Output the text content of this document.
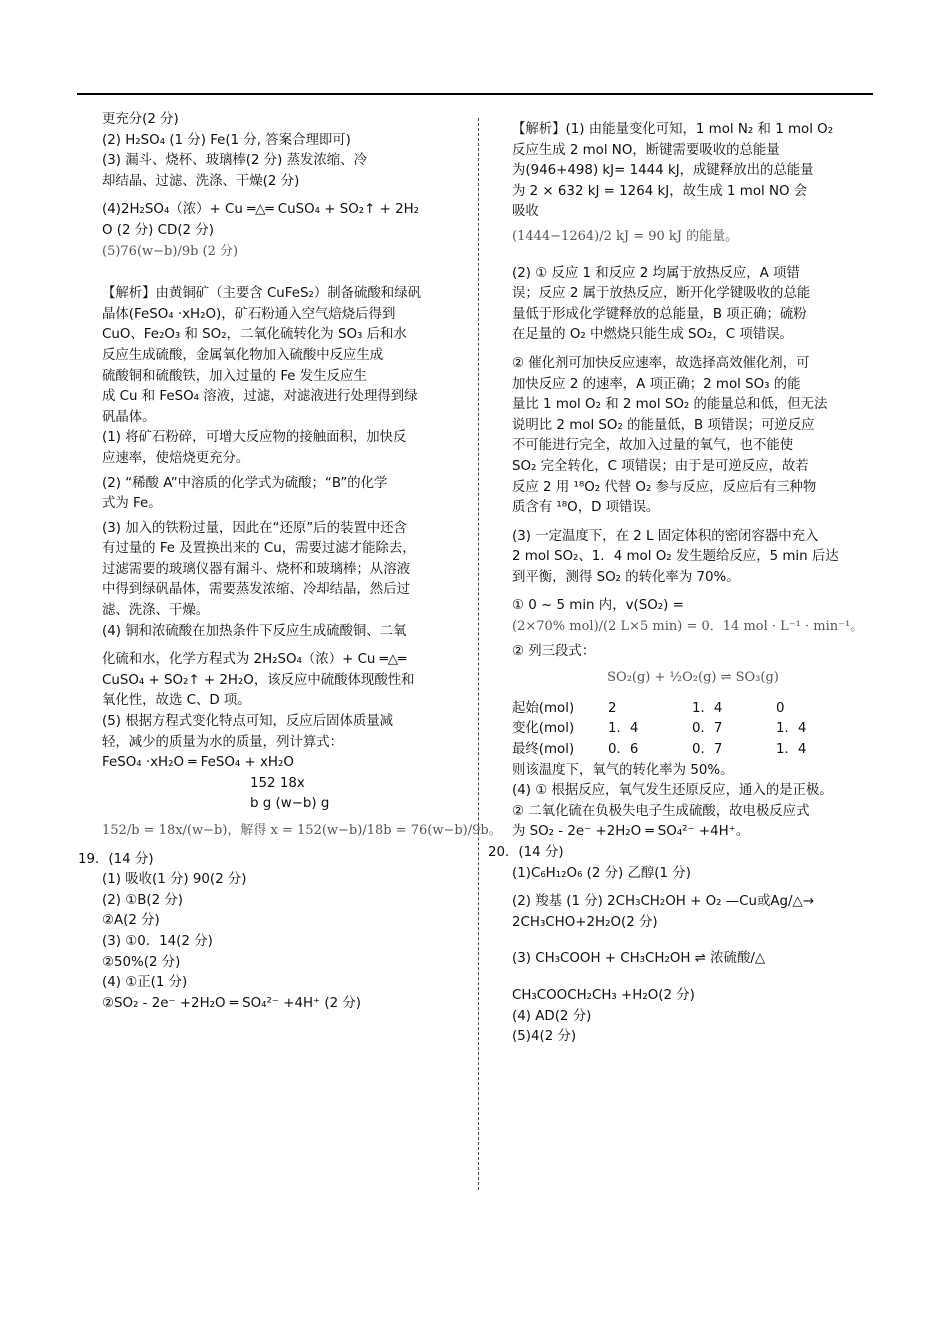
更充分(2 分)

(2) H₂SO₄ (1 分) Fe(1 分, 答案合理即可)

(3) 漏斗、烧杯、玻璃棒(2 分) 蒸发浓缩、冷

却结晶、过滤、洗涤、干燥(2 分)

(4)2H₂SO₄（浓）+ Cu ═△═ CuSO₄ + SO₂↑ + 2H₂

O (2 分) CD(2 分)

(5)76(w−b)/9b (2 分)

【解析】由黄铜矿（主要含 CuFeS₂）制备硫酸和绿矾

晶体(FeSO₄ ·xH₂O)，矿石粉通入空气焙烧后得到

CuO、Fe₂O₃ 和 SO₂，二氧化硫转化为 SO₃ 后和水

反应生成硫酸，金属氧化物加入硫酸中反应生成

硫酸铜和硫酸铁，加入过量的 Fe 发生反应生

成 Cu 和 FeSO₄ 溶液，过滤，对滤液进行处理得到绿

矾晶体。

(1) 将矿石粉碎，可增大反应物的接触面积，加快反

应速率，使焙烧更充分。

(2) “稀酸 A”中溶质的化学式为硫酸；“B”的化学

式为 Fe。

(3) 加入的铁粉过量，因此在“还原”后的装置中还含

有过量的 Fe 及置换出来的 Cu，需要过滤才能除去，

过滤需要的玻璃仪器有漏斗、烧杯和玻璃棒；从溶液

中得到绿矾晶体，需要蒸发浓缩、冷却结晶，然后过

滤、洗涤、干燥。

(4) 铜和浓硫酸在加热条件下反应生成硫酸铜、二氧

化硫和水，化学方程式为 2H₂SO₄（浓）+ Cu ═△═

CuSO₄ + SO₂↑ + 2H₂O，该反应中硫酸体现酸性和

氧化性，故选 C、D 项。

(5) 根据方程式变化特点可知，反应后固体质量减

轻，减少的质量为水的质量，列计算式：

FeSO₄ ·xH₂O ═ FeSO₄ + xH₂O

152 18x

b g (w−b) g

152/b = 18x/(w−b)，解得 x = 152(w−b)/18b = 76(w−b)/9b。

19．(14 分)

(1) 吸收(1 分) 90(2 分)

(2) ①B(2 分)

②A(2 分)

(3) ①0．14(2 分)

②50%(2 分)

(4) ①正(1 分)

②SO₂ - 2e⁻ +2H₂O ═ SO₄²⁻ +4H⁺ (2 分)

【解析】(1) 由能量变化可知，1 mol N₂ 和 1 mol O₂

反应生成 2 mol NO，断键需要吸收的总能量

为(946+498) kJ= 1444 kJ，成键释放出的总能量

为 2 × 632 kJ = 1264 kJ，故生成 1 mol NO 会

吸收

(1444−1264)/2 kJ = 90 kJ 的能量。

(2) ① 反应 1 和反应 2 均属于放热反应，A 项错

误；反应 2 属于放热反应，断开化学键吸收的总能

量低于形成化学键释放的总能量，B 项正确；硫粉

在足量的 O₂ 中燃烧只能生成 SO₂，C 项错误。

② 催化剂可加快反应速率，故选择高效催化剂，可

加快反应 2 的速率，A 项正确；2 mol SO₃ 的能

量比 1 mol O₂ 和 2 mol SO₂ 的能量总和低，但无法

说明比 2 mol SO₂ 的能量低，B 项错误；可逆反应

不可能进行完全，故加入过量的氧气，也不能使

SO₂ 完全转化，C 项错误；由于是可逆反应，故若

反应 2 用 ¹⁸O₂ 代替 O₂ 参与反应，反应后有三种物

质含有 ¹⁸O，D 项错误。

(3) 一定温度下，在 2 L 固定体积的密闭容器中充入

2 mol SO₂、1．4 mol O₂ 发生题给反应，5 min 后达

到平衡，测得 SO₂ 的转化率为 70%。

① 0 ~ 5 min 内，v(SO₂) =

(2×70% mol)/(2 L×5 min) = 0．14 mol · L⁻¹ · min⁻¹。

② 列三段式：

SO₂(g) + ½O₂(g) ⇌ SO₃(g)

起始(mol)	2	1．4	0
变化(mol)	1．4	0．7	1．4
最终(mol)	0．6	0．7	1．4

则该温度下，氧气的转化率为 50%。

(4) ① 根据反应，氧气发生还原反应，通入的是正极。

② 二氧化硫在负极失电子生成硫酸，故电极反应式

为 SO₂ - 2e⁻ +2H₂O ═ SO₄²⁻ +4H⁺。

20．(14 分)

(1)C₆H₁₂O₆ (2 分) 乙醇(1 分)

(2) 羧基 (1 分) 2CH₃CH₂OH + O₂ —Cu或Ag/△→

2CH₃CHO+2H₂O(2 分)

(3) CH₃COOH + CH₃CH₂OH ⇌ 浓硫酸/△

CH₃COOCH₂CH₃ +H₂O(2 分)

(4) AD(2 分)

(5)4(2 分)
